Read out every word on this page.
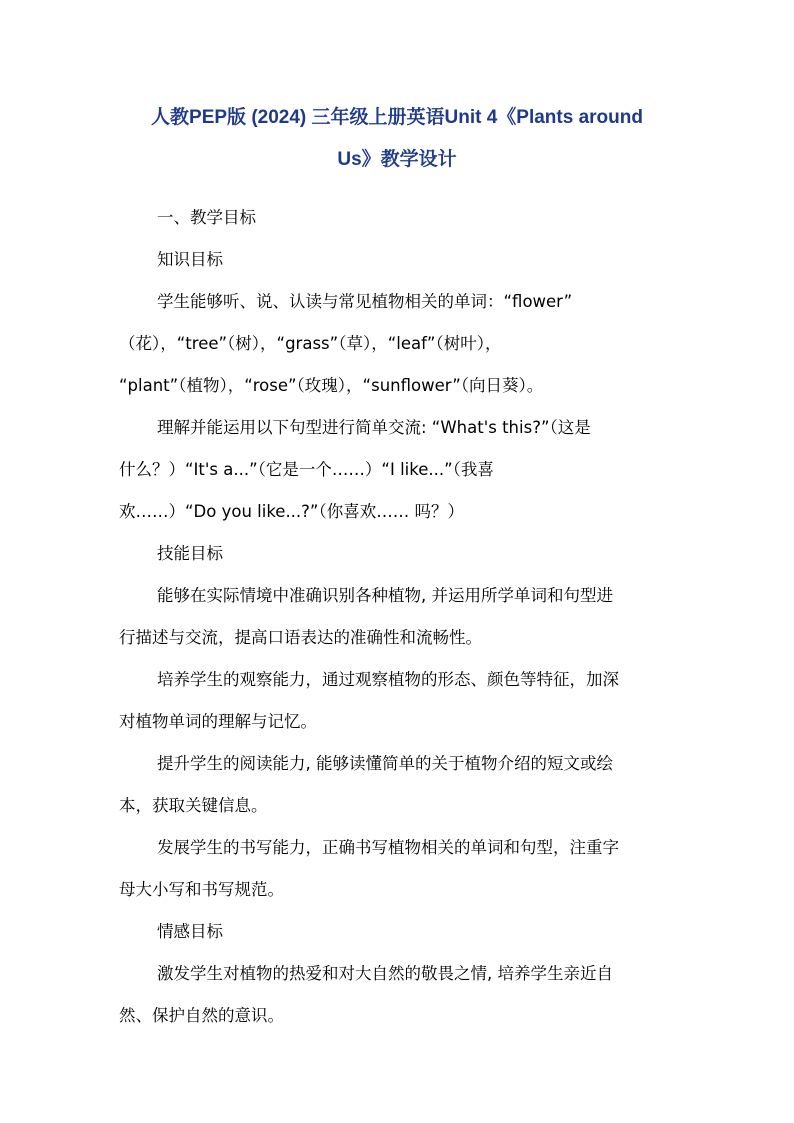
人教PEP版 (2024) 三年级上册英语Unit 4《Plants around
Us》教学设计
一、教学目标
知识目标
学生能够听、说、认读与常见植物相关的单词：“flower”
（花），“tree”（树），“grass”（草），“leaf”（树叶），
“plant”（植物），“rose”（玫瑰），“sunflower”（向日葵）。
理解并能运用以下句型进行简单交流: “What's this?”（这是
什么？）“It's a...”（它是一个……）“I like...”（我喜
欢……）“Do you like...?”（你喜欢…… 吗？）
技能目标
能够在实际情境中准确识别各种植物, 并运用所学单词和句型进
行描述与交流，提高口语表达的准确性和流畅性。
培养学生的观察能力，通过观察植物的形态、颜色等特征，加深
对植物单词的理解与记忆。
提升学生的阅读能力, 能够读懂简单的关于植物介绍的短文或绘
本，获取关键信息。
发展学生的书写能力，正确书写植物相关的单词和句型，注重字
母大小写和书写规范。
情感目标
激发学生对植物的热爱和对大自然的敬畏之情, 培养学生亲近自
然、保护自然的意识。
